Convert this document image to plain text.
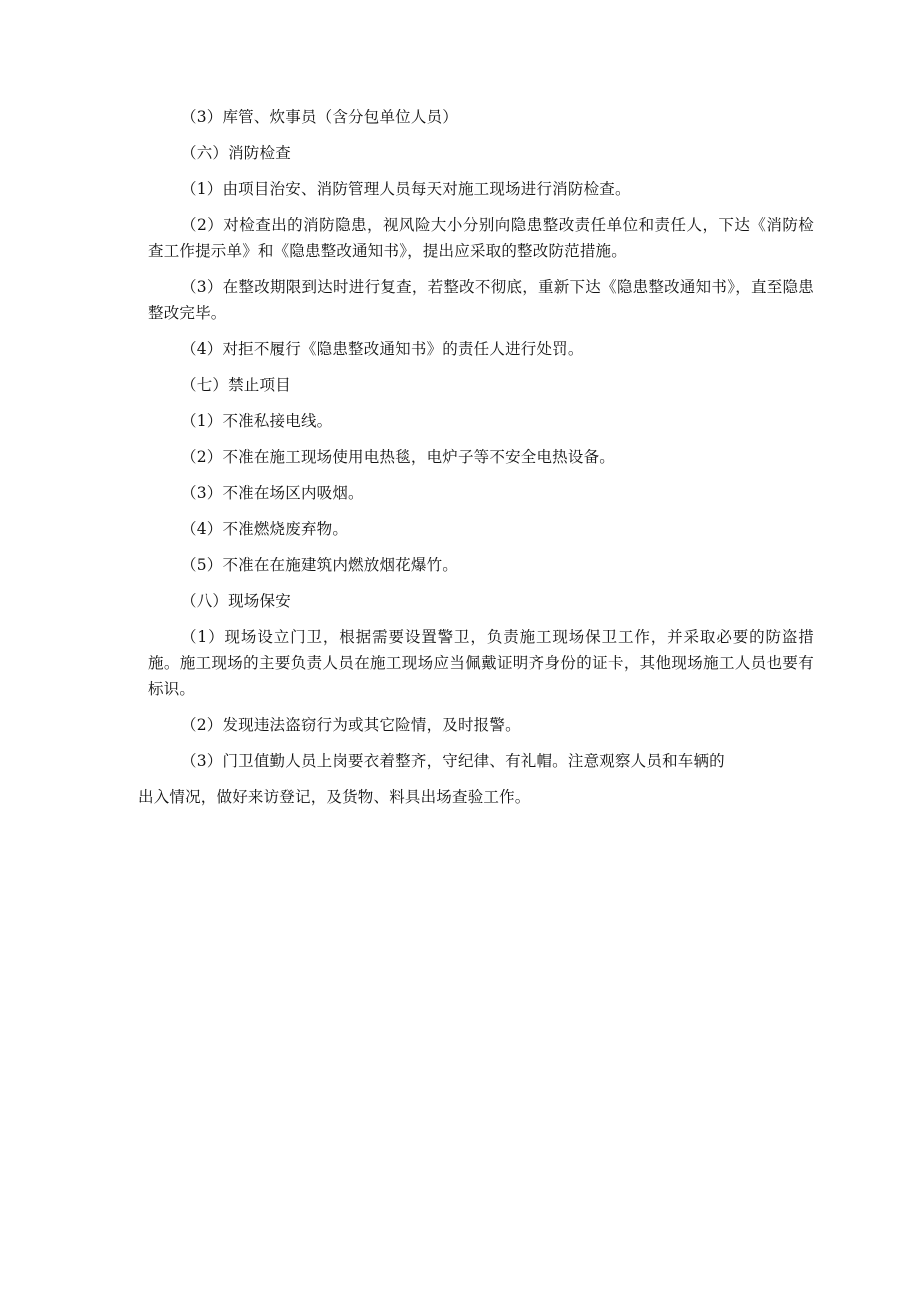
（3）库管、炊事员（含分包单位人员）

（六）消防检查

（1）由项目治安、消防管理人员每天对施工现场进行消防检查。

（2）对检查出的消防隐患，视风险大小分别向隐患整改责任单位和责任人，下达《消防检查工作提示单》和《隐患整改通知书》，提出应采取的整改防范措施。

（3）在整改期限到达时进行复查，若整改不彻底，重新下达《隐患整改通知书》，直至隐患整改完毕。

（4）对拒不履行《隐患整改通知书》的责任人进行处罚。

（七）禁止项目

（1）不准私接电线。

（2）不准在施工现场使用电热毯，电炉子等不安全电热设备。

（3）不准在场区内吸烟。

（4）不准燃烧废弃物。

（5）不准在在施建筑内燃放烟花爆竹。

（八）现场保安

（1）现场设立门卫，根据需要设置警卫，负责施工现场保卫工作，并采取必要的防盗措施。施工现场的主要负责人员在施工现场应当佩戴证明齐身份的证卡，其他现场施工人员也要有标识。

（2）发现违法盗窃行为或其它险情，及时报警。

（3）门卫值勤人员上岗要衣着整齐，守纪律、有礼帽。注意观察人员和车辆的

出入情况，做好来访登记，及货物、料具出场查验工作。
